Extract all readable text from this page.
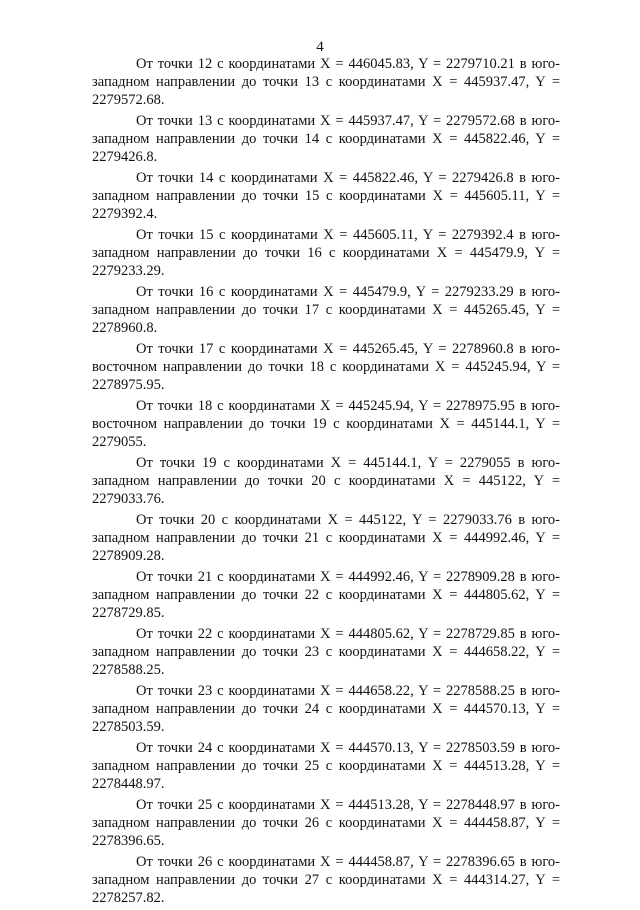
4

От точки 12 с координатами X = 446045.83, Y = 2279710.21 в юго-западном направлении до точки 13 с координатами X = 445937.47, Y = 2279572.68.

От точки 13 с координатами X = 445937.47, Y = 2279572.68 в юго-западном направлении до точки 14 с координатами X = 445822.46, Y = 2279426.8.

От точки 14 с координатами X = 445822.46, Y = 2279426.8 в юго-западном направлении до точки 15 с координатами X = 445605.11, Y = 2279392.4.

От точки 15 с координатами X = 445605.11, Y = 2279392.4 в юго-западном направлении до точки 16 с координатами X = 445479.9, Y = 2279233.29.

От точки 16 с координатами X = 445479.9, Y = 2279233.29 в юго-западном направлении до точки 17 с координатами X = 445265.45, Y = 2278960.8.

От точки 17 с координатами X = 445265.45, Y = 2278960.8 в юго-восточном направлении до точки 18 с координатами X = 445245.94, Y = 2278975.95.

От точки 18 с координатами X = 445245.94, Y = 2278975.95 в юго-восточном направлении до точки 19 с координатами X = 445144.1, Y = 2279055.

От точки 19 с координатами X = 445144.1, Y = 2279055 в юго-западном направлении до точки 20 с координатами X = 445122, Y = 2279033.76.

От точки 20 с координатами X = 445122, Y = 2279033.76 в юго-западном направлении до точки 21 с координатами X = 444992.46, Y = 2278909.28.

От точки 21 с координатами X = 444992.46, Y = 2278909.28 в юго-западном направлении до точки 22 с координатами X = 444805.62, Y = 2278729.85.

От точки 22 с координатами X = 444805.62, Y = 2278729.85 в юго-западном направлении до точки 23 с координатами X = 444658.22, Y = 2278588.25.

От точки 23 с координатами X = 444658.22, Y = 2278588.25 в юго-западном направлении до точки 24 с координатами X = 444570.13, Y = 2278503.59.

От точки 24 с координатами X = 444570.13, Y = 2278503.59 в юго-западном направлении до точки 25 с координатами X = 444513.28, Y = 2278448.97.

От точки 25 с координатами X = 444513.28, Y = 2278448.97 в юго-западном направлении до точки 26 с координатами X = 444458.87, Y = 2278396.65.

От точки 26 с координатами X = 444458.87, Y = 2278396.65 в юго-западном направлении до точки 27 с координатами X = 444314.27, Y = 2278257.82.
